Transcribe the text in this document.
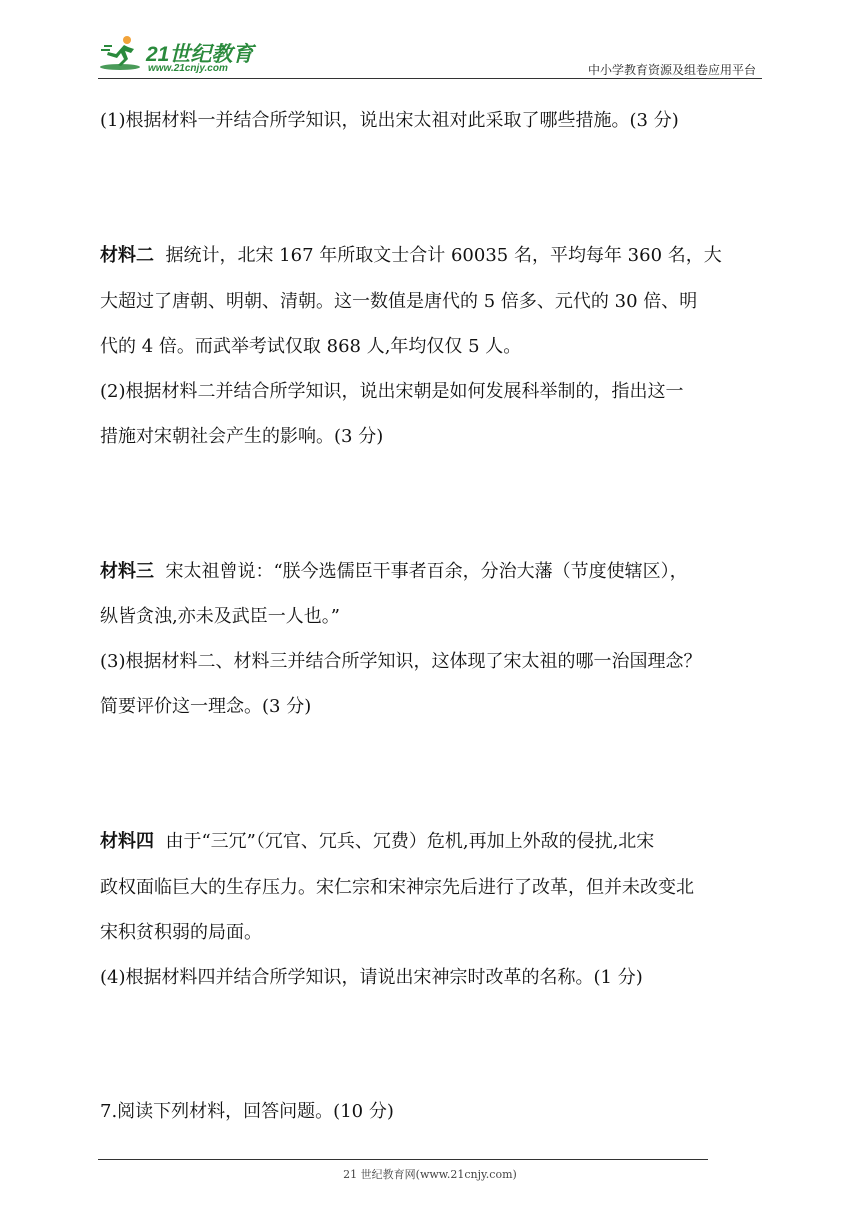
21世纪教育
www.21cnjy.com	中小学教育资源及组卷应用平台
(1)根据材料一并结合所学知识，说出宋太祖对此采取了哪些措施。(3 分)
材料二 据统计，北宋 167 年所取文士合计 60035 名，平均每年 360 名，大
大超过了唐朝、明朝、清朝。这一数值是唐代的 5 倍多、元代的 30 倍、明
代的 4 倍。而武举考试仅取 868 人,年均仅仅 5 人。
(2)根据材料二并结合所学知识，说出宋朝是如何发展科举制的，指出这一
措施对宋朝社会产生的影响。(3 分)
材料三 宋太祖曾说：“朕今选儒臣干事者百余，分治大藩（节度使辖区），
纵皆贪浊,亦未及武臣一人也。”
(3)根据材料二、材料三并结合所学知识，这体现了宋太祖的哪一治国理念？
简要评价这一理念。(3 分)
材料四 由于“三冗”（冗官、冗兵、冗费）危机,再加上外敌的侵扰,北宋
政权面临巨大的生存压力。宋仁宗和宋神宗先后进行了改革，但并未改变北
宋积贫积弱的局面。
(4)根据材料四并结合所学知识，请说出宋神宗时改革的名称。(1 分)
7.阅读下列材料，回答问题。(10 分)
21 世纪教育网(www.21cnjy.com)
